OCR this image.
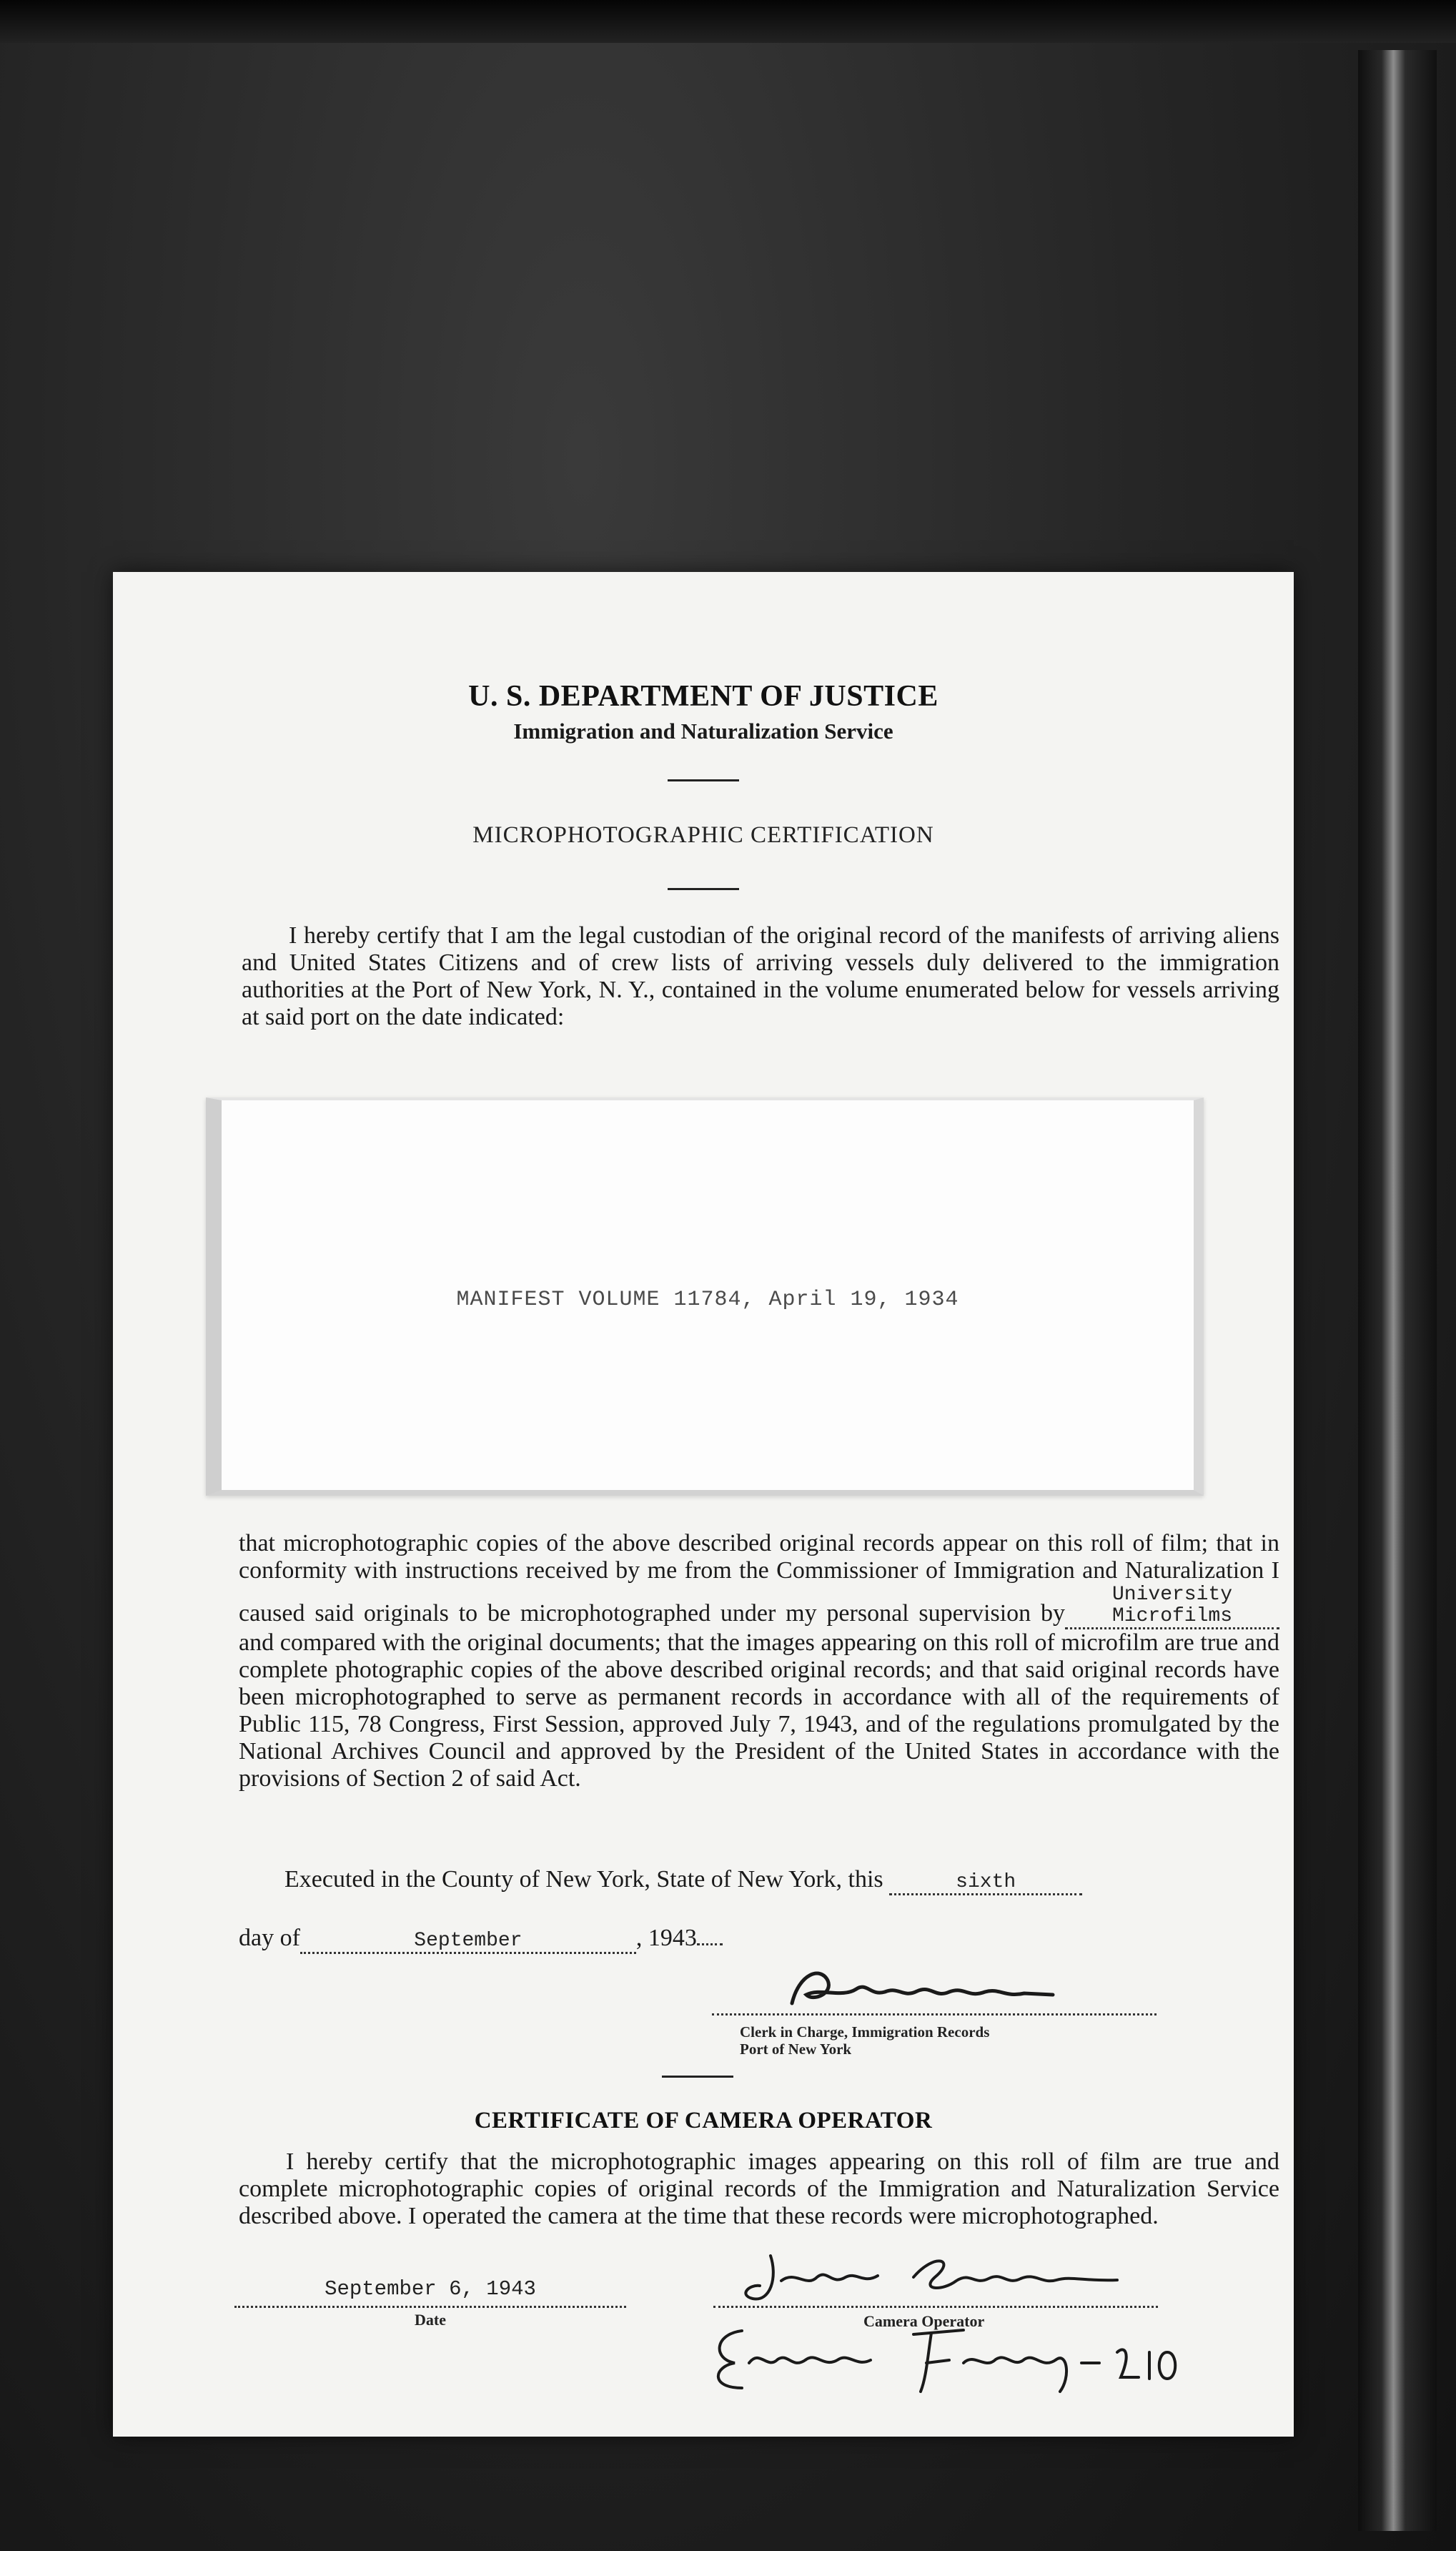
U. S. DEPARTMENT OF JUSTICE
Immigration and Naturalization Service
MICROPHOTOGRAPHIC CERTIFICATION

I hereby certify that I am the legal custodian of the original record of the manifests of arriving aliens and United States Citizens and of crew lists of arriving vessels duly delivered to the immigration authorities at the Port of New York, N. Y., contained in the volume enumerated below for vessels arriving at said port on the date indicated:

MANIFEST VOLUME 11784, April 19, 1934

that microphotographic copies of the above described original records appear on this roll of film; that in conformity with instructions received by me from the Commissioner of Immigration and Naturalization I caused said originals to be microphotographed under my personal supervision byUniversity Microfilms and compared with the original documents; that the images appearing on this roll of microfilm are true and complete photographic copies of the above described original records; and that said original records have been microphotographed to serve as permanent records in accordance with all of the requirements of Public 115, 78 Congress, First Session, approved July 7, 1943, and of the regulations promulgated by the National Archives Council and approved by the President of the United States in accordance with the provisions of Section 2 of said Act.

Executed in the County of New York, State of New York, this	sixth
day of	September	, 1943
Clerk in Charge, Immigration Records
Port of New York
CERTIFICATE OF CAMERA OPERATOR

I hereby certify that the microphotographic images appearing on this roll of film are true and complete microphotographic copies of original records of the Immigration and Naturalization Service described above. I operated the camera at the time that these records were microphotographed.

September 6, 1943
Date	Camera Operator
